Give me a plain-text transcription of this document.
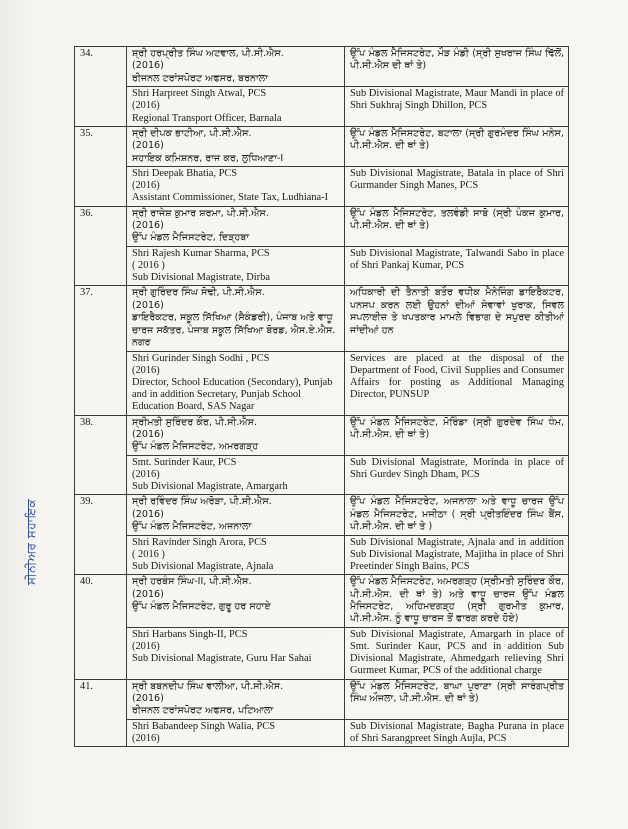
34.	ਸ਼੍ਰੀ ਹਰਪ੍ਰੀਤ ਸਿੰਘ ਅਟਵਾਲ, ਪੀ.ਸੀ.ਐਸ.
(2016)
ਰੀਜਨਲ ਟਰਾਂਸਪੋਰਟ ਅਫਸਰ, ਬਰਨਾਲਾ	ਉੱਪ ਮੰਡਲ ਮੈਜਿਸਟਰੇਟ, ਮੌੜ ਮੰਡੀ (ਸ੍ਰੀ ਸੁਖਰਾਜ ਸਿੰਘ ਢਿੱਲੋਂ, ਪੀ.ਸੀ.ਐਸ ਦੀ ਥਾਂ ਤੇ)

	Shri Harpreet Singh Atwal, PCS
(2016)
Regional Transport Officer, Barnala	Sub Divisional Magistrate, Maur Mandi in place of Shri Sukhraj Singh Dhillon, PCS

35.	ਸ੍ਰੀ ਦੀਪਕ ਭਾਟੀਆ, ਪੀ.ਸੀ.ਐਸ.
(2016)
ਸਹਾਇਕ ਕਮਿਸ਼ਨਰ, ਰਾਜ ਕਰ, ਲੁਧਿਆਣਾ-I	ਉੱਪ ਮੰਡਲ ਮੈਜਿਸਟਰੇਟ, ਬਟਾਲਾ (ਸ੍ਰੀ ਗੁਰਮੰਦਰ ਸਿੰਘ ਮਨੇਸ, ਪੀ.ਸੀ.ਐਸ. ਦੀ ਥਾਂ ਤੇ)

	Shri Deepak Bhatia, PCS
(2016)
Assistant Commissioner, State Tax, Ludhiana-I	Sub Divisional Magistrate, Batala in place of Shri Gurmander Singh Manes, PCS

36.	ਸ੍ਰੀ ਰਾਜੇਸ਼ ਕੁਮਾਰ ਸ਼ਰਮਾ, ਪੀ.ਸੀ.ਐਸ.
(2016)
ਉੱਪ ਮੰਡਲ ਮੈਜਿਸਟਰੇਟ, ਦਿੜ੍ਹਬਾ	ਉੱਪ ਮੰਡਲ ਮੈਜਿਸਟਰੇਟ, ਤਲਵੰਡੀ ਸਾਬੋ (ਸ੍ਰੀ ਪੰਕਜ ਕੁਮਾਰ, ਪੀ.ਸੀ.ਐਸ. ਦੀ ਥਾਂ ਤੇ)

	Shri Rajesh Kumar Sharma, PCS
( 2016 )
Sub Divisional Magistrate, Dirba	Sub Divisional Magistrate, Talwandi Sabo in place of Shri Pankaj Kumar, PCS

37.	ਸ੍ਰੀ ਗੁਰਿੰਦਰ ਸਿੰਘ ਸੋਢੀ, ਪੀ.ਸੀ.ਐਸ.
(2016)
ਡਾਇਰੈਕਟਰ, ਸਕੂਲ ਸਿੱਖਿਆ (ਸੈਕੰਡਰੀ), ਪੰਜਾਬ ਅਤੇ ਵਾਧੂ ਚਾਰਜ ਸਕੱਤਰ, ਪੰਜਾਬ ਸਕੂਲ ਸਿੱਖਿਆ ਬੋਰਡ, ਐਸ.ਏ.ਐਸ. ਨਗਰ	ਅਧਿਕਾਰੀ ਦੀ ਤੈਨਾਤੀ ਬਤੌਰ ਵਧੀਕ ਮੈਨੇਜਿੰਗ ਡਾਇਰੈਕਟਰ, ਪਨਸਪ ਕਰਨ ਲਈ ਉਹਨਾਂ ਦੀਆਂ ਸੇਵਾਵਾਂ ਖੁਰਾਕ, ਸਿਵਲ ਸਪਲਾਈਜ਼ ਤੇ ਖਪਤਕਾਰ ਮਾਮਲੇ ਵਿਭਾਗ ਦੇ ਸਪੁਰਦ ਕੀਤੀਆਂ ਜਾਂਦੀਆਂ ਹਨ

	Shri Gurinder Singh Sodhi , PCS
(2016)
Director, School Education (Secondary), Punjab and in addition Secretary, Punjab School Education Board, SAS Nagar	Services are placed at the disposal of the Department of Food, Civil Supplies and Consumer Affairs for posting as Additional Managing Director, PUNSUP

38.	ਸ੍ਰੀਮਤੀ ਸੁਰਿੰਦਰ ਕੌਰ, ਪੀ.ਸੀ.ਐਸ.
(2016)
ਉੱਪ ਮੰਡਲ ਮੈਜਿਸਟਰੇਟ, ਅਮਰਗੜ੍ਹ	ਉੱਪ ਮੰਡਲ ਮੈਜਿਸਟਰੇਟ, ਮੋਰਿੰਡਾ (ਸ੍ਰੀ ਗੁਰਦੇਵ ਸਿੰਘ ਧੰਮ, ਪੀ.ਸੀ.ਐਸ. ਦੀ ਥਾਂ ਤੇ)

	Smt. Surinder Kaur, PCS
(2016)
Sub Divisional Magistrate, Amargarh	Sub Divisional Magistrate, Morinda in place of Shri Gurdev Singh Dham, PCS

39.	ਸ੍ਰੀ ਰਵਿੰਦਰ ਸਿੰਘ ਅਰੋੜਾ, ਪੀ.ਸੀ.ਐਸ.
(2016)
ਉੱਪ ਮੰਡਲ ਮੈਜਿਸਟਰੇਟ, ਅਜਨਾਲਾ	ਉੱਪ ਮੰਡਲ ਮੈਜਿਸਟਰੇਟ, ਅਜਨਾਲਾ ਅਤੇ ਵਾਧੂ ਚਾਰਜ ਉੱਪ ਮੰਡਲ ਮੈਜਿਸਟਰੇਟ, ਮਜੀਠਾ ( ਸ੍ਰੀ ਪ੍ਰੀਤਇੰਦਰ ਸਿੰਘ ਬੈਂਸ, ਪੀ.ਸੀ.ਐਸ. ਦੀ ਥਾਂ ਤੇ )

	Shri Ravinder Singh Arora, PCS
( 2016 )
Sub Divisional Magistrate, Ajnala	Sub Divisional Magistrate, Ajnala and in addition Sub Divisional Magistrate, Majitha in place of Shri Preetinder Singh Bains, PCS

40.	ਸ੍ਰੀ ਹਰਬੰਸ ਸਿੰਘ-II, ਪੀ.ਸੀ.ਐਸ.
(2016)
ਉੱਪ ਮੰਡਲ ਮੈਜਿਸਟਰੇਟ, ਗੁਰੂ ਹਰ ਸਹਾਏ	ਉੱਪ ਮੰਡਲ ਮੈਜਿਸਟਰੇਟ, ਅਮਰਗੜ੍ਹ (ਸ੍ਰੀਮਤੀ ਸੁਰਿੰਦਰ ਕੌਰ, ਪੀ.ਸੀ.ਐਸ. ਦੀ ਥਾਂ ਤੇ) ਅਤੇ ਵਾਧੂ ਚਾਰਜ ਉੱਪ ਮੰਡਲ ਮੈਜਿਸਟਰੇਟ, ਅਹਿਮਦਗੜ੍ਹ (ਸ੍ਰੀ ਗੁਰਮੀਤ ਕੁਮਾਰ, ਪੀ.ਸੀ.ਐਸ. ਨੂੰ ਵਾਧੂ ਚਾਰਜ ਤੋਂ ਫਾਰਗ ਕਰਦੇ ਹੋਏ)

	Shri Harbans Singh-II, PCS
(2016)
Sub Divisional Magistrate, Guru Har Sahai	Sub Divisional Magistrate, Amargarh in place of Smt. Surinder Kaur, PCS and in addition Sub Divisional Magistrate, Ahmedgarh relieving Shri Gurmeet Kumar, PCS of the additional charge

41.	ਸ੍ਰੀ ਬਬਨਦੀਪ ਸਿੰਘ ਵਾਲੀਆ, ਪੀ.ਸੀ.ਐਸ.
(2016)
ਰੀਜਨਲ ਟਰਾਂਸਪੋਰਟ ਅਫਸਰ, ਪਟਿਆਲਾ	ਉੱਪ ਮੰਡਲ ਮੈਜਿਸਟਰੇਟ, ਬਾਘਾ ਪੁਰਾਣਾ (ਸ੍ਰੀ ਸਾਰੰਗਪ੍ਰੀਤ ਸਿੰਘ ਔਜਲਾ, ਪੀ.ਸੀ.ਐਸ. ਦੀ ਥਾਂ ਤੇ)

	Shri Babandeep Singh Walia, PCS
(2016)	Sub Divisional Magistrate, Bagha Purana in place of Shri Sarangpreet Singh Aujla, PCS
ਸੀਨੀਅਰ ਸਹਾਇਕ
